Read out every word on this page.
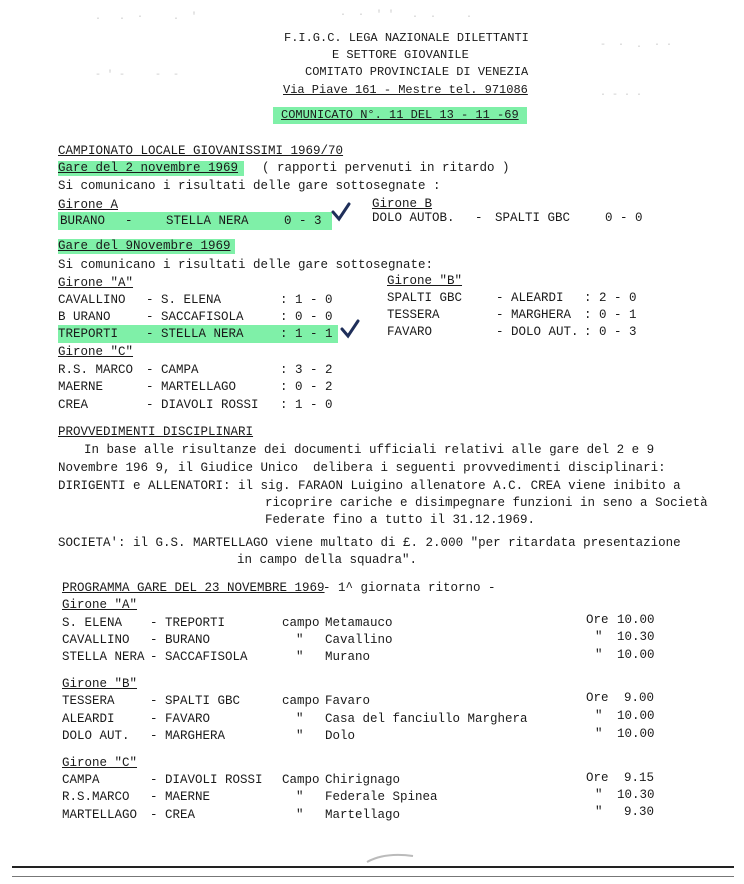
.   .  ·     .  '	·  ·  ' '   .  .     .
-  ·  .  · ·
- ' -     -  -
· - · ·
F.I.G.C. LEGA NAZIONALE DILETTANTI
E SETTORE GIOVANILE
COMITATO PROVINCIALE DI VENEZIA
Via Piave 161 - Mestre tel. 971086
COMUNICATO N°. 11 DEL 13 - 11 -69
CAMPIONATO LOCALE GIOVANISSIMI 1969/70
Gare del 2 novembre 1969	( rapporti pervenuti in ritardo )
Si comunicano i risultati delle gare sottosegnate :
Girone A	Girone B
BURANO -	STELLA NERA	0 - 3	DOLO AUTOB. - SPALTI GBC	0 - 0
Gare del 9Novembre 1969
Si comunicano i risultati delle gare sottosegnate:
Girone "A"
CAVALLINO - S. ELENA	: 1 - 0
B URANO	- SACCAFISOLA	: 0 - 0
TREPORTI - STELLA NERA	: 1 - 1
Girone "B"
SPALTI GBC	- ALEARDI : 2 - 0
TESSERA	- MARGHERA : 0 - 1
FAVARO	- DOLO AUT. : 0 - 3
Girone "C"
R.S. MARCO - CAMPA	: 3 - 2
MAERNE	- MARTELLAGO	: 0 - 2
CREA	- DIAVOLI ROSSI : 1 - 0
PROVVEDIMENTI DISCIPLINARI
In base alle risultanze dei documenti ufficiali relativi alle gare del 2 e 9
Novembre 196 9, il Giudice Unico  delibera i seguenti provvedimenti disciplinari:
DIRIGENTI e ALLENATORI: il sig. FARAON Luigino allenatore A.C. CREA viene inibito a
ricoprire cariche e disimpegnare funzioni in seno a Società
Federate fino a tutto il 31.12.1969.
SOCIETA': il G.S. MARTELLAGO viene multato di £. 2.000 "per ritardata presentazione
in campo della squadra".
PROGRAMMA GARE DEL 23 NOVEMBRE 1969
- 1^ giornata ritorno -
Girone "A"
S. ELENA - TREPORTI	campo Metamauco	Ore 10.00
CAVALLINO - BURANO	" Cavallino	" 10.30
STELLA NERA - SACCAFISOLA	" Murano	" 10.00
Girone "B"
TESSERA	- SPALTI GBC	campo Favaro	Ore 9.00
ALEARDI	- FAVARO	" Casa del fanciullo Marghera	" 10.00
DOLO AUT. - MARGHERA	" Dolo	" 10.00
Girone "C"
CAMPA	- DIAVOLI ROSSI Campo Chirignago	Ore 9.15
R.S.MARCO - MAERNE	" Federale Spinea	" 10.30
MARTELLAGO - CREA	" Martellago	" 9.30
